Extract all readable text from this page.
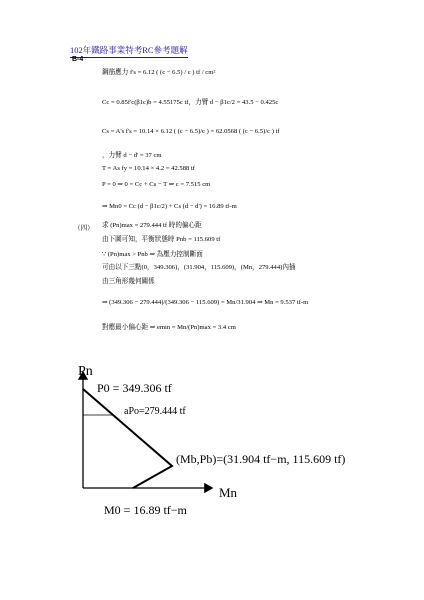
102年鐵路事業特考RC參考題解
B-4
鋼筋應力 f's = 6.12 ( (c − 6.5) / c ) tf / cm²
Cc = 0.85f'c(β1c)b = 4.55175c tf，力臂 d − β1c/2 = 43.5 − 0.425c
Cs = A's f's = 10.14 × 6.12 ( (c − 6.5)/c ) = 62.0568 ( (c − 6.5)/c ) tf
，力臂 d − d' = 37 cm
T = As fy = 10.14 × 4.2 = 42.588 tf
P = 0 ⇒ 0 = Cc + Cs − T ⇒ c = 7.515 cm
⇒ Mn0 = Cc (d − β1c/2) + Cs (d − d') = 16.89 tf-m
（四） 求 (Pn)max = 279.444 tf 時的偏心距
由下圖可知，平衡狀態時 Pnb = 115.609 tf
∵ (Pn)max > Pnb ⇒ 為壓力控制斷面
可由以下三點(0，349.306)，(31.904，115.609)，(Mn，279.444)內插
由三角形幾何關係
⇒ (349.306 − 279.444)/(349.306 − 115.609) = Mn/31.904 ⇒ Mn = 9.537 tf-m
對應最小偏心距 ⇒ emin = Mn/(Pn)max = 3.4 cm
Pn
Mn
P0 = 349.306 tf
aPo=279.444 tf
(Mb,Pb)=(31.904 tf−m, 115.609 tf)
M0 = 16.89 tf−m
